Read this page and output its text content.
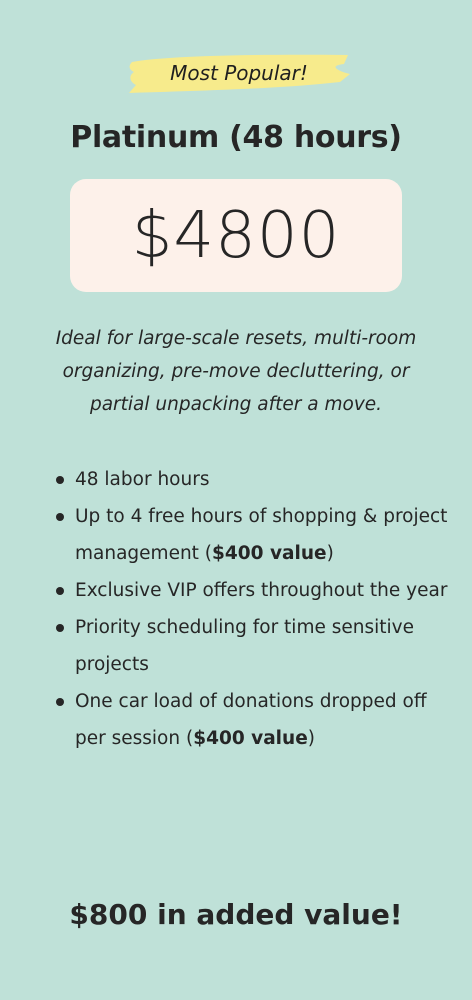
Most Popular!
Platinum (48 hours)
$4800
Ideal for large-scale resets, multi-room organizing, pre-move decluttering, or partial unpacking after a move.
48 labor hours
Up to 4 free hours of shopping & project management ($400 value)
Exclusive VIP offers throughout the year
Priority scheduling for time sensitive projects
One car load of donations dropped off per session ($400 value)
$800 in added value!
